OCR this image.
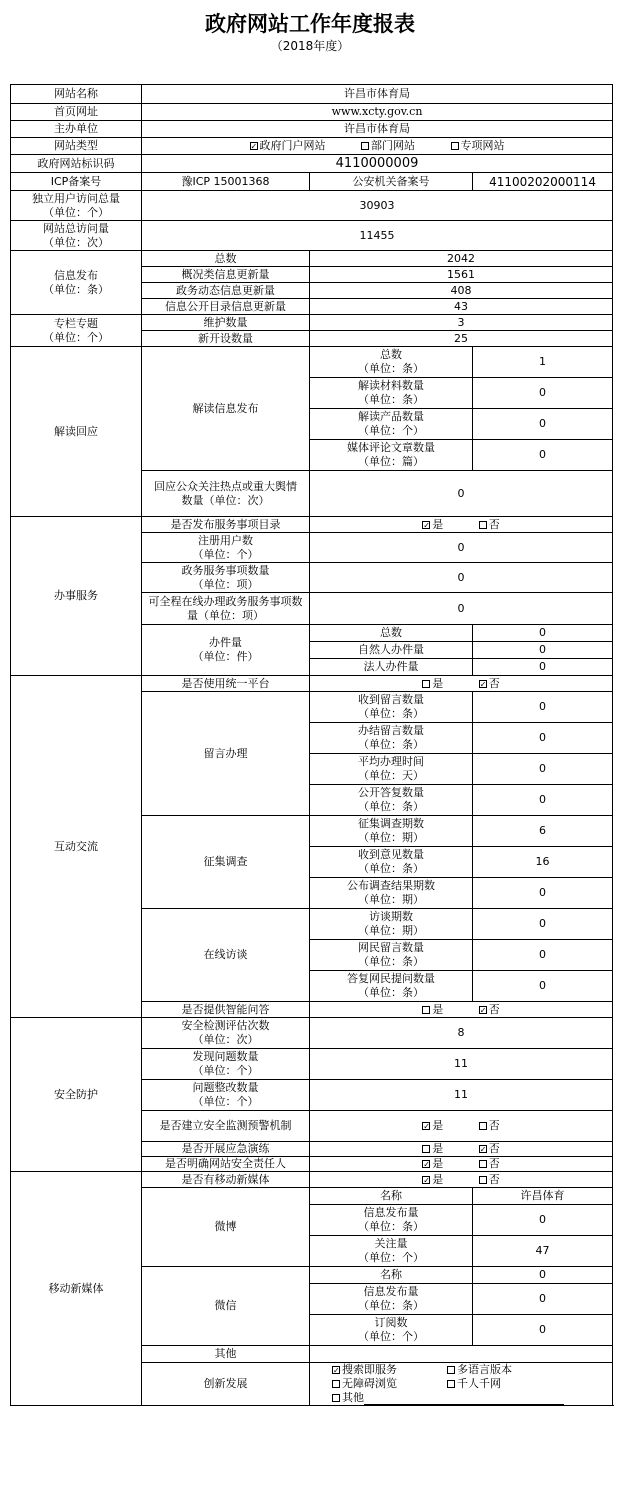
政府网站工作年度报表
（2018年度）
网站名称	许昌市体育局		
首页网址	www.xcty.gov.cn		
主办单位	许昌市体育局		
网站类型	✓ 政府门户网站 部门网站 专项网站		
政府网站标识码	4110000009		
ICP备案号	豫ICP 15001368	公安机关备案号	41100202000114
独立用户访问总量
（单位：个）	30903		
网站总访问量
（单位：次）	11455		
信息发布
（单位：条）	总数	2042	
	概况类信息更新量	1561	
	政务动态信息更新量	408	
	信息公开目录信息更新量	43	
专栏专题
（单位：个）	维护数量	3	
	新开设数量	25	
解读回应	解读信息发布	总数
（单位：条）	1
		解读材料数量
（单位：条）	0
		解读产品数量
（单位：个）	0
		媒体评论文章数量
（单位：篇）	0
	回应公众关注热点或重大舆情数量（单位：次）	0	
办事服务	是否发布服务事项目录	✓ 是 否	
	注册用户数
（单位：个）	0	
	政务服务事项数量
（单位：项）	0	
	可全程在线办理政务服务事项数量（单位：项）	0	
	办件量
（单位：件）	总数	0
		自然人办件量	0
		法人办件量	0
互动交流	是否使用统一平台	是 ✓ 否	
	留言办理	收到留言数量
（单位：条）	0
		办结留言数量
（单位：条）	0
		平均办理时间
（单位：天）	0
		公开答复数量
（单位：条）	0
	征集调查	征集调查期数
（单位：期）	6
		收到意见数量
（单位：条）	16
		公布调查结果期数
（单位：期）	0
	在线访谈	访谈期数
（单位：期）	0
		网民留言数量
（单位：条）	0
		答复网民提问数量
（单位：条）	0
	是否提供智能问答	是 ✓ 否	
安全防护	安全检测评估次数
（单位：次）	8	
	发现问题数量
（单位：个）	11	
	问题整改数量
（单位：个）	11	
	是否建立安全监测预警机制	✓ 是 否	
	是否开展应急演练	是 ✓ 否	
	是否明确网站安全责任人	✓ 是 否	
移动新媒体	是否有移动新媒体	✓ 是 否	
	微博	名称	许昌体育
		信息发布量
（单位：条）	0
		关注量
（单位：个）	47
	微信	名称	0
		信息发布量
（单位：条）	0
		订阅数
（单位：个）	0
	其他		
	创新发展	✓ 搜索即服务 多语言版本无障碍浏览 千人千网
其他	
